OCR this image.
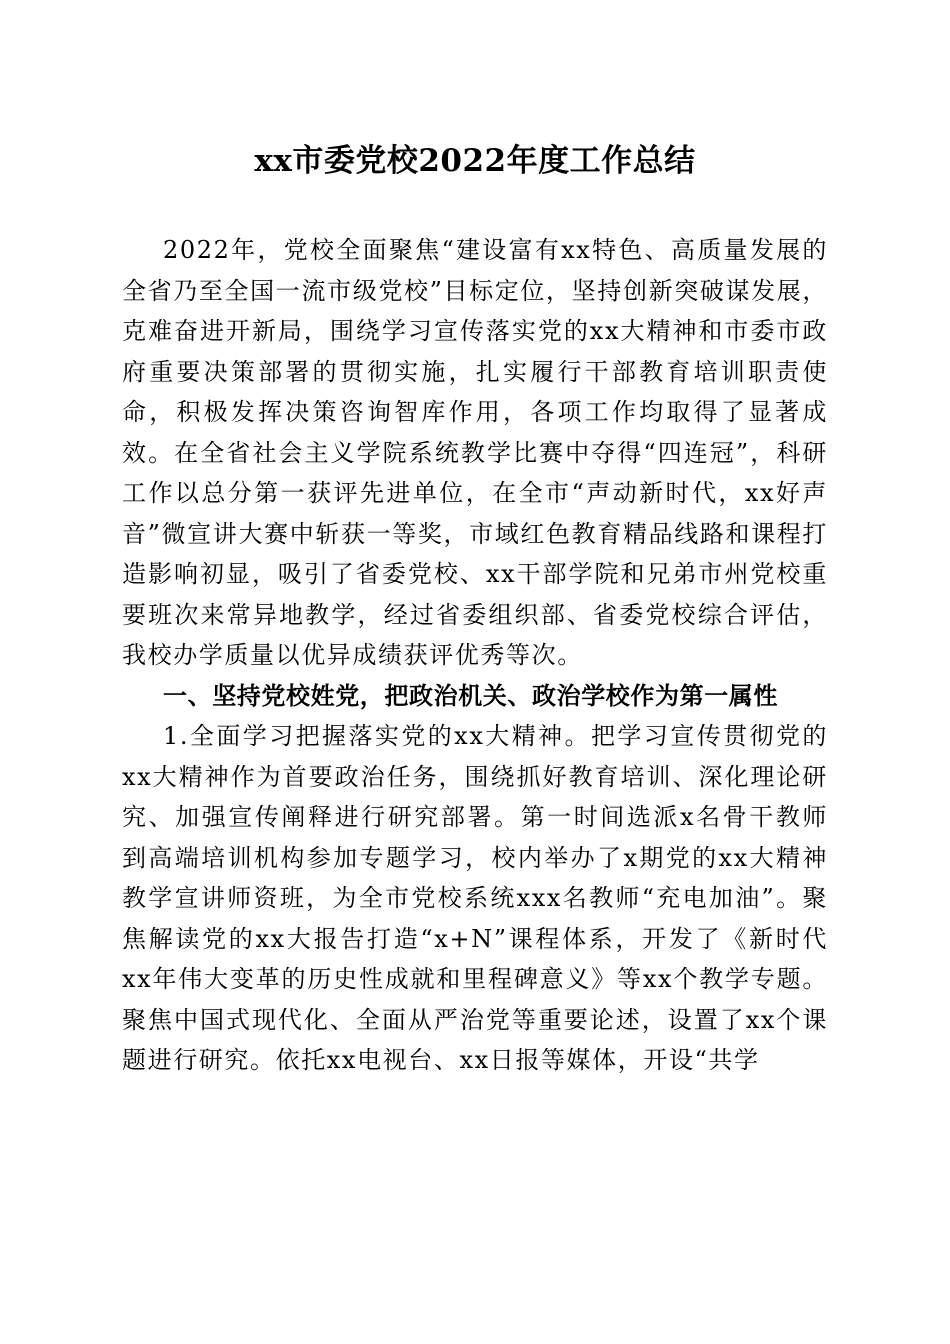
xx市委党校2022年度工作总结

2022年，党校全面聚焦“建设富有xx特色、高质量发展的全省乃至全国一流市级党校”目标定位，坚持创新突破谋发展，克难奋进开新局，围绕学习宣传落实党的xx大精神和市委市政府重要决策部署的贯彻实施，扎实履行干部教育培训职责使命，积极发挥决策咨询智库作用，各项工作均取得了显著成效。在全省社会主义学院系统教学比赛中夺得“四连冠”，科研工作以总分第一获评先进单位，在全市“声动新时代，xx好声音”微宣讲大赛中斩获一等奖，市域红色教育精品线路和课程打造影响初显，吸引了省委党校、xx干部学院和兄弟市州党校重要班次来常异地教学，经过省委组织部、省委党校综合评估，我校办学质量以优异成绩获评优秀等次。

一、坚持党校姓党，把政治机关、政治学校作为第一属性

1.全面学习把握落实党的xx大精神。把学习宣传贯彻党的xx大精神作为首要政治任务，围绕抓好教育培训、深化理论研究、加强宣传阐释进行研究部署。第一时间选派x名骨干教师到高端培训机构参加专题学习，校内举办了x期党的xx大精神教学宣讲师资班，为全市党校系统xxx名教师“充电加油”。聚焦解读党的xx大报告打造“x+N”课程体系，开发了《新时代xx年伟大变革的历史性成就和里程碑意义》等xx个教学专题。聚焦中国式现代化、全面从严治党等重要论述，设置了xx个课题进行研究。依托xx电视台、xx日报等媒体，开设“共学
